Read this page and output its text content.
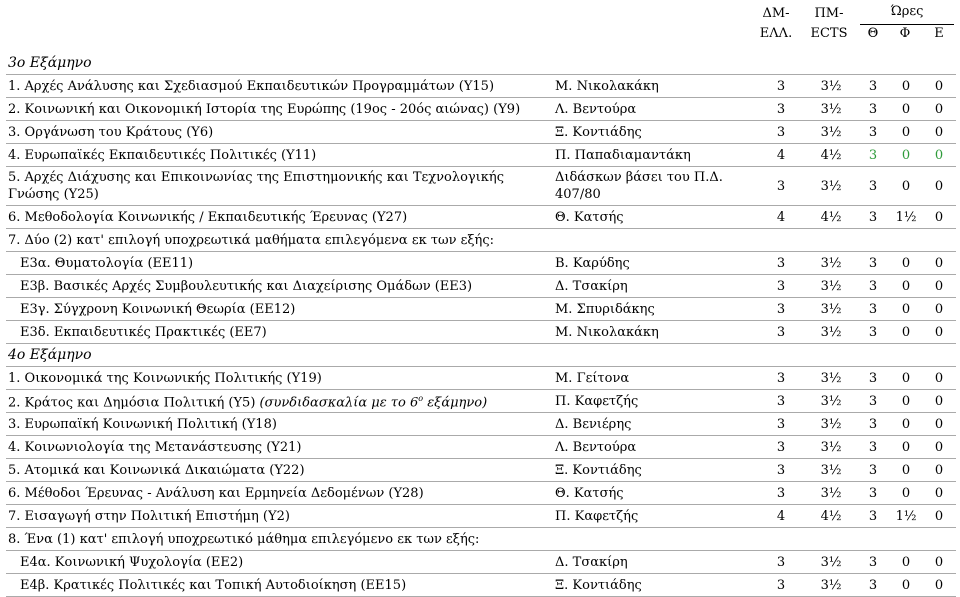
ΔΜ-
ΕΛΛ.
ΠΜ-
ECTS
Ώρες
Θ	Φ	Ε
3ο Εξάμηνο						
1. Αρχές Ανάλυσης και Σχεδιασμού Εκπαιδευτικών Προγραμμάτων (Υ15)	Μ. Νικολακάκη	3	3½	3	0	0
2. Κοινωνική και Οικονομική Ιστορία της Ευρώπης (19ος - 20ός αιώνας) (Υ9)	Λ. Βεντούρα	3	3½	3	0	0
3. Οργάνωση του Κράτους (Υ6)	Ξ. Κοντιάδης	3	3½	3	0	0
4. Ευρωπαϊκές Εκπαιδευτικές Πολιτικές (Υ11)	Π. Παπαδιαμαντάκη	4	4½	3	0	0
5. Αρχές Διάχυσης και Επικοινωνίας της Επιστημονικής και Τεχνολογικής Γνώσης (Υ25)	Διδάσκων βάσει του Π.Δ. 407/80	3	3½	3	0	0
6. Μεθοδολογία Κοινωνικής / Εκπαιδευτικής Έρευνας (Υ27)	Θ. Κατσής	4	4½	3	1½	0
7. Δύο (2) κατ' επιλογή υποχρεωτικά μαθήματα επιλεγόμενα εκ των εξής:						
Ε3α. Θυματολογία (ΕΕ11)	Β. Καρύδης	3	3½	3	0	0
Ε3β. Βασικές Αρχές Συμβουλευτικής και Διαχείρισης Ομάδων (ΕΕ3)	Δ. Τσακίρη	3	3½	3	0	0
Ε3γ. Σύγχρονη Κοινωνική Θεωρία (ΕΕ12)	Μ. Σπυριδάκης	3	3½	3	0	0
Ε3δ. Εκπαιδευτικές Πρακτικές (ΕΕ7)	Μ. Νικολακάκη	3	3½	3	0	0
4ο Εξάμηνο						
1. Οικονομικά της Κοινωνικής Πολιτικής (Υ19)	Μ. Γείτονα	3	3½	3	0	0
2. Κράτος και Δημόσια Πολιτική (Υ5) (συνδιδασκαλία με το $6^o$ εξάμηνο)	Π. Καφετζής	3	3½	3	0	0
3. Ευρωπαϊκή Κοινωνική Πολιτική (Υ18)	Δ. Βενιέρης	3	3½	3	0	0
4. Κοινωνιολογία της Μετανάστευσης (Υ21)	Λ. Βεντούρα	3	3½	3	0	0
5. Ατομικά και Κοινωνικά Δικαιώματα (Υ22)	Ξ. Κοντιάδης	3	3½	3	0	0
6. Μέθοδοι Έρευνας - Ανάλυση και Ερμηνεία Δεδομένων (Υ28)	Θ. Κατσής	3	3½	3	0	0
7. Εισαγωγή στην Πολιτική Επιστήμη (Υ2)	Π. Καφετζής	4	4½	3	1½	0
8. Ένα (1) κατ' επιλογή υποχρεωτικό μάθημα επιλεγόμενο εκ των εξής:						
Ε4α. Κοινωνική Ψυχολογία (ΕΕ2)	Δ. Τσακίρη	3	3½	3	0	0
Ε4β. Κρατικές Πολιτικές και Τοπική Αυτοδιοίκηση (ΕΕ15)	Ξ. Κοντιάδης	3	3½	3	0	0
